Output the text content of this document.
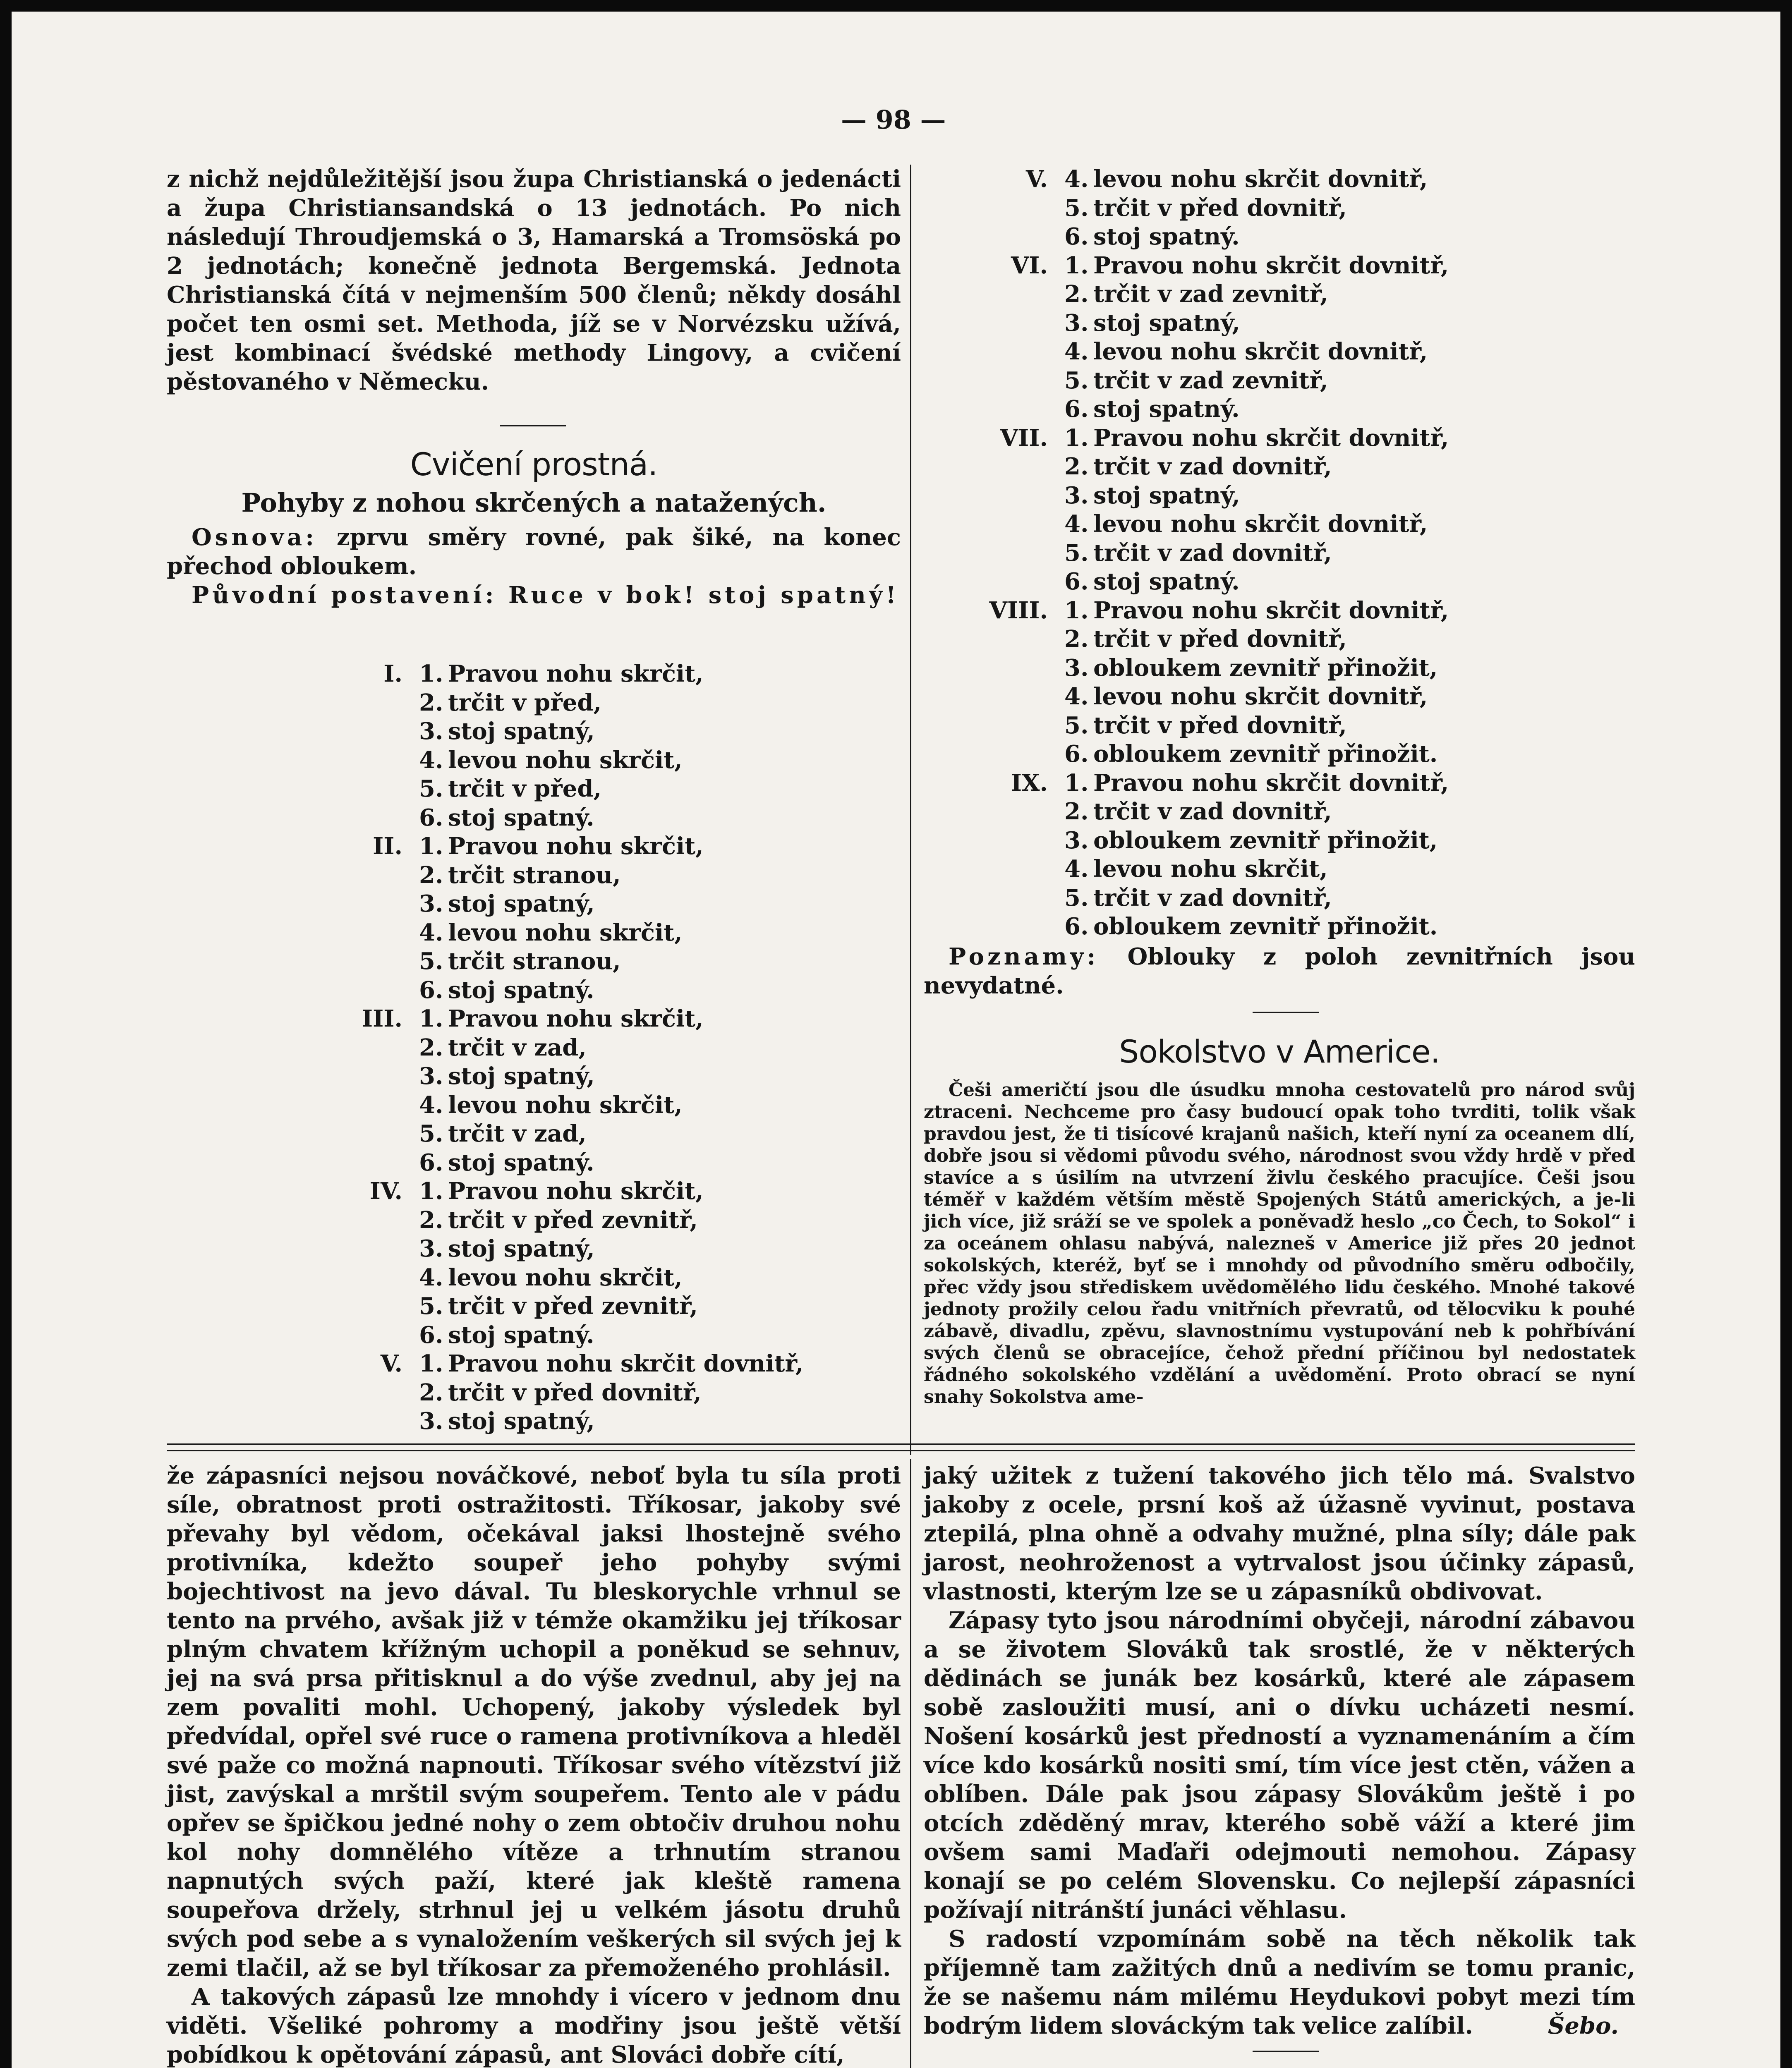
— 98 —

z nichž nejdůležitější jsou župa Christianská o jedenácti a župa Christiansandská o 13 jednotách. Po nich následují Throudjemská o 3, Hamarská a Tromsöská po 2 jednotách; konečně jednota Bergemská. Jednota Christianská čítá v nejmenším 500 členů; někdy dosáhl počet ten osmi set. Methoda, jíž se v Norvézsku užívá, jest kombinací švédské methody Lingovy, a cvičení pěstovaného v Německu.

Cvičení prostná.

Pohyby z nohou skrčených a natažených.

Osnova: zprvu směry rovné, pak šiké, na konec přechod obloukem.

Původní postavení: Ruce v bok! stoj spatný!

I. 1. Pravou nohu skrčit,
2. trčit v před,
3. stoj spatný,
4. levou nohu skrčit,
5. trčit v před,
6. stoj spatný.
II. 1. Pravou nohu skrčit,
2. trčit stranou,
3. stoj spatný,
4. levou nohu skrčit,
5. trčit stranou,
6. stoj spatný.
III. 1. Pravou nohu skrčit,
2. trčit v zad,
3. stoj spatný,
4. levou nohu skrčit,
5. trčit v zad,
6. stoj spatný.
IV. 1. Pravou nohu skrčit,
2. trčit v před zevnitř,
3. stoj spatný,
4. levou nohu skrčit,
5. trčit v před zevnitř,
6. stoj spatný.
V. 1. Pravou nohu skrčit dovnitř,
2. trčit v před dovnitř,
3. stoj spatný,
V. 4. levou nohu skrčit dovnitř,
5. trčit v před dovnitř,
6. stoj spatný.
VI. 1. Pravou nohu skrčit dovnitř,
2. trčit v zad zevnitř,
3. stoj spatný,
4. levou nohu skrčit dovnitř,
5. trčit v zad zevnitř,
6. stoj spatný.
VII. 1. Pravou nohu skrčit dovnitř,
2. trčit v zad dovnitř,
3. stoj spatný,
4. levou nohu skrčit dovnitř,
5. trčit v zad dovnitř,
6. stoj spatný.
VIII. 1. Pravou nohu skrčit dovnitř,
2. trčit v před dovnitř,
3. obloukem zevnitř přinožit,
4. levou nohu skrčit dovnitř,
5. trčit v před dovnitř,
6. obloukem zevnitř přinožit.
IX. 1. Pravou nohu skrčit dovnitř,
2. trčit v zad dovnitř,
3. obloukem zevnitř přinožit,
4. levou nohu skrčit,
5. trčit v zad dovnitř,
6. obloukem zevnitř přinožit.

Poznamy: Oblouky z poloh zevnitřních jsou nevydatné.

Sokolstvo v Americe.

Češi američtí jsou dle úsudku mnoha cestovatelů pro národ svůj ztraceni. Nechceme pro časy budoucí opak toho tvrditi, tolik však pravdou jest, že ti tisícové krajanů našich, kteří nyní za oceanem dlí, dobře jsou si vědomi původu svého, národnost svou vždy hrdě v před stavíce a s úsilím na utvrzení živlu českého pracujíce. Češi jsou téměř v každém větším městě Spojených Států amerických, a je-li jich více, již sráží se ve spolek a poněvadž heslo „co Čech, to Sokol“ i za oceánem ohlasu nabývá, nalezneš v Americe již přes 20 jednot sokolských, kteréž, byť se i mnohdy od původního směru odbočily, přec vždy jsou střediskem uvědomělého lidu českého. Mnohé takové jednoty prožily celou řadu vnitřních převratů, od tělocviku k pouhé zábavě, divadlu, zpěvu, slavnostnímu vystupování neb k pohřbívání svých členů se obracejíce, čehož přední příčinou byl nedostatek řádného sokolského vzdělání a uvědomění. Proto obrací se nyní snahy Sokolstva ame-

že zápasníci nejsou nováčkové, neboť byla tu síla proti síle, obratnost proti ostražitosti. Tříkosar, jakoby své převahy byl vědom, očekával jaksi lhostejně svého protivníka, kdežto soupeř jeho pohyby svými bojechtivost na jevo dával. Tu bleskorychle vrhnul se tento na prvého, avšak již v témže okamžiku jej tříkosar plným chvatem křížným uchopil a poněkud se sehnuv, jej na svá prsa přitisknul a do výše zvednul, aby jej na zem povaliti mohl. Uchopený, jakoby výsledek byl předvídal, opřel své ruce o ramena protivníkova a hleděl své paže co možná napnouti. Tříkosar svého vítězství již jist, zavýskal a mrštil svým soupeřem. Tento ale v pádu opřev se špičkou jedné nohy o zem obtočiv druhou nohu kol nohy domnělého vítěze a trhnutím stranou napnutých svých paží, které jak kleště ramena soupeřova držely, strhnul jej u velkém jásotu druhů svých pod sebe a s vynaložením veškerých sil svých jej k zemi tlačil, až se byl tříkosar za přemoženého prohlásil.

A takových zápasů lze mnohdy i vícero v jednom dnu viděti. Všeliké pohromy a modřiny jsou ještě větší pobídkou k opětování zápasů, ant Slováci dobře cítí,

jaký užitek z tužení takového jich tělo má. Svalstvo jakoby z ocele, prsní koš až úžasně vyvinut, postava ztepilá, plna ohně a odvahy mužné, plna síly; dále pak jarost, neohroženost a vytrvalost jsou účinky zápasů, vlastnosti, kterým lze se u zápasníků obdivovat.

Zápasy tyto jsou národními obyčeji, národní zábavou a se životem Slováků tak srostlé, že v některých dědinách se junák bez kosárků, které ale zápasem sobě zasloužiti musí, ani o dívku ucházeti nesmí. Nošení kosárků jest předností a vyznamenáním a čím více kdo kosárků nositi smí, tím více jest ctěn, vážen a oblíben. Dále pak jsou zápasy Slovákům ještě i po otcích zděděný mrav, kterého sobě váží a které jim ovšem sami Maďaři odejmouti nemohou. Zápasy konají se po celém Slovensku. Co nejlepší zápasníci požívají nitránští junáci věhlasu.

S radostí vzpomínám sobě na těch několik tak příjemně tam zažitých dnů a nedivím se tomu pranic, že se našemu nám milému Heydukovi pobyt mezi tím bodrým lidem slováckým tak velice zalíbil.	Šebo.
